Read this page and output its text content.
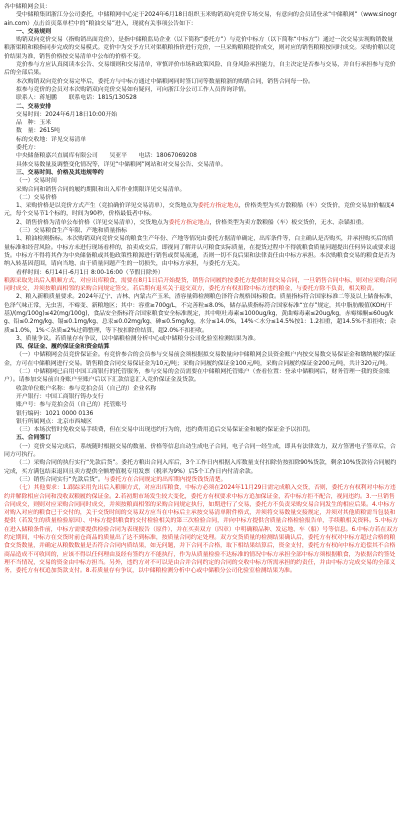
各中储粮网会员：

受中储粮集团浙江分公司委托，中储粮网中心定于2024年6月18日组织玉米购销双向竞价专场交易，有意向的会员请登录“中储粮网”（www.sinograin.com）点击首页菜单栏中的“粮油交易”进入，现就有关事项公告如下：

一、交易规则

购销双向竞价交易（指购销出面竞价），是指中储粮监局企业（以下简称“委托方”）与竞价中标方（以下简称“中标方”）通过一次交易实现购销数量粮浙渠粮和粮指同步完成的交易模式。竞价中为交予方只对渠粮粮指价进行竞价，一旦采购粮粮提价成交，则对应的销售粮粮按同时成交。采购价粮以竞价结果为准，销售价格按交易清单中公布的价格不变。

竞价参与方应认真阅读本公告、交易细则和交易清单，审慎评价市场和政策风险、自身风险承担能力，自主决定是否参与交易，并自行承担参与竞价后的全部后果。

本次购销双向竞价交易完毕后，委托方与中标方通过中储粮网同时签订同等数量粮浙的购销合同，销售合同每一份。

拟参与竞价的会员对本次购销双向竞价交易如有疑问，可向浙江分公司工作人员咨询详情。

联系人：蒋旭鹏　　联系电话：1815/130528

二、交易安排

交易时间：2024年6月18日10:00开始

品　种：玉米

数　量：2615吨

标的交收地：详见交易清单

委托方：

中央储备粮嘉兴直属库有限公司　　吴亚平　　电话：18067069208

具体交易数量及调整变化情况等，详见“中储粮网”网站和对交易公告、交易清单。

三、交易时间、价格及其违规等约

（一）交易时间

采购合同和销售合同的履约期限和出入库作业期限详见交易清单。

（二）交易价格

1、采购价格是以竞价方式产生（竞拍确价详见交易清单），交货地点为委托方指定地点，价格类型为买方散粮船（车）交货价，竞价交易加价幅度4元，每个交易节1个标的，时间为90秒，价格最低者中标。

2、销售价格为清单公布价格（详见交易清单），交货地点为委托方指定地点，价格类型为卖方散粮船（车）板交货价，无水、杂锚扣重。

（三）交易粮食生产年限、产地和质量指标

1、粮油检测指标。本次购销双向竞价交易的粮食生产年份、产地等情况由委托方据清单确定，出库条件等，白主确认是否购买，并承担购买后的质量标准和经营风险。中标方未进行现场看样的，拍卖成交后，即视同了解并认可粮食实际质量，在提货过程中不得就粮食质量问题提出任何异议或要求退货。中标方不得将其作为中央储备粮或其他政策性粮源进行销售或贸易流通，否则一切不良后果和法律责任由中标方承担。本次购粮食交易的粮食是否为纳入转基因范围，请向当地、由于质量问题产生的一切损失，由中标方承担，与委托方无关。

看样时间：6月14日-6月1日 8:00-16:00（节假日除外）

粮源采取先出后入粮顺方式，对应出库粮食，需要在8月1日后开始提货，销售合同履约按委托方提供时间交易合同，一旦销售合同中标，则对应采购合同同时成交，并须按粮面相邻的采购合同规定签交。若后期有退买关于退交双方，委托方有权扣除中标方违约粮金，与委托方除不负责，相关粮责。

2、粮入新粮质量要求。2024年辽宁、吉林、内蒙古产玉米，渣容量筛检测粮色泽符合规格国标粮食。质量指标符合国家标准二等及以上储备标准，色泽气味正常，无虫害，不霉变、新粮地区；其中：容重≥700g/L，不完善粒≤8.0%，储存品质指标符合国家标准“宜存”规定，其中脂肪酸值(KOH/干基)/(mg/100g)≤42(mg/100g)，食品安全指标符合国家粮食安全标准规定，其中呕吐毒素≤1000ug/kg，黄曲霉毒素≤20ug/kg，赤霉烯酮≤60ug/kg、铅≤0.2mg/kg、镉≤0.1mg/kg、总汞≤0.02mg/kg、砷≤0.5mg/kg，水分≤14.0%，14%＜水分≤14.5%按1：1.2扣重，超14.5%不扣拒收；杂质≤1.0%，1%＜杂质≤2%过筛整理，等下按扣除价结算，超2.0%不扣拒收。

3、质量争议。若质量存有争议，以中储粮检测分析中心或中储粮分公司化验室检测结果为准。

四、保证金、履约保证金和资金结算

（一）中储粮网会员竞价保证金。有竞价参合的会员参与交易前会须根据拟交易数量向中储粮网会员资金账户内按交易数交易保证金和缴纳履约保证金，方可在中储粮网进行交易。销售粮食合同交易保证金为10元/吨；采购合同履约保证金100元/吨，采购合同履约保证金200元/吨，共计320元/吨。

（二）中储粮网已启用中国工商银行的托管服务，参与交易的会员需要在中储粮网托管账户（查看位置：登录中储粮网后，财务管理一我的资金账户）。请参加交易前自身账户至账户后以下汇款信息汇入竞价保证金及货款。

收款单位账户名称：参与竞拍会员（自己的）企业名称

开户银行：中国工商银行铸办支行

账户号：参与竞拍会员（自己的）托管账号

银行编码：1021 0000 0136

银行所属网点：北京市西城区

（三）本场次暂时免收交易手续费，但在交易中出现违约行为的，违约费用追后交易保证金和履约保证金予以扣罚。

五、合同签订

（一）竞价交易完成后，系统随时根据交易的数量、价格等信息自动生成电子合同，电子合同一经生成，即具有法律效力，双方签署电子签章后，合同方可执行。

（二）采购合同的执行实行“先款后货”。委托方粮出合同入库后，3个工作日内相据入库数量支付扣除仿按扣除90%货款，剩余10%货款待合同履约完成，买方满包结束退回且卖方提供全额增值税专用发票（税率为9%）后5个工作日内付清余款。

（三）销售合同实行“先款后货”。与委托方在合同规定的出库期内提货钱货清楚。

（七）其他要求：1.跟踪采用先出后入粮顺方式，对应出库粮食，中标方必须在2024年11月29日需完成粮入交货，否则，委托方有权利对中标方违约并解除相应合同和没收双粮履约保证金。2.若初期市场发生较大变化，委托方有权要求中标方追加保证金，若中标方拒不配合，视同违约。3.一旦销售合同成交，则则对应采购合同同时成交，并须按粮面相邻的采购合同规定执行，如期进行了交易，委托方不负责采购交易合同发生的相应后果。4.中标方对购入对应的粮食已于交付的，关于交货时间的交易双方应当在中标后主承按交易清单附件格式，并须将交易数量交接规定，并须对其他质粮需当包装和提供（若发生的质量检验原因）、中标方提供粮食的交付检验相关的第三次检验合同，并向中标方提供含质量合格检验报告单，手续粮相关资料。5.中标方在进入储粮条件前，中标方需要提供检验合同为表现报告（原件），并在买卖双方（四章）中明确粮品种、发运地、车（船）号等信息。6.中标方若在双方约定期间，中标方在交货时前仓商品的质量出了达不到标准，按质量合同约定处理。双方交货质量的检测结果确认后，委托方有权对中标方超过合格的粮食交货数量，并确定从粮数数量是否符合合同内质结果，如无问题，并下合同不合格，取下相结果结算后，资金支付，委托方有权向中标方追偿其不合格商品造成不可收回的，应该不得以任何理由及经有签约方不能执行，作为从质量检验不达标准的情况中标方承担全部中标方须根据粮食，为依据合约签处理不当情况，交易的资金由中标方担当。另外，违约方对不可以是由合并合同约定的合同的交收中标方所需承担的约责任，并由中标方完成交易的全部义务，委托方有权追加货款支付。8.若质量存有争议，以中储粮检测分析中心或中储粮分公司化验室检测结果为准。
